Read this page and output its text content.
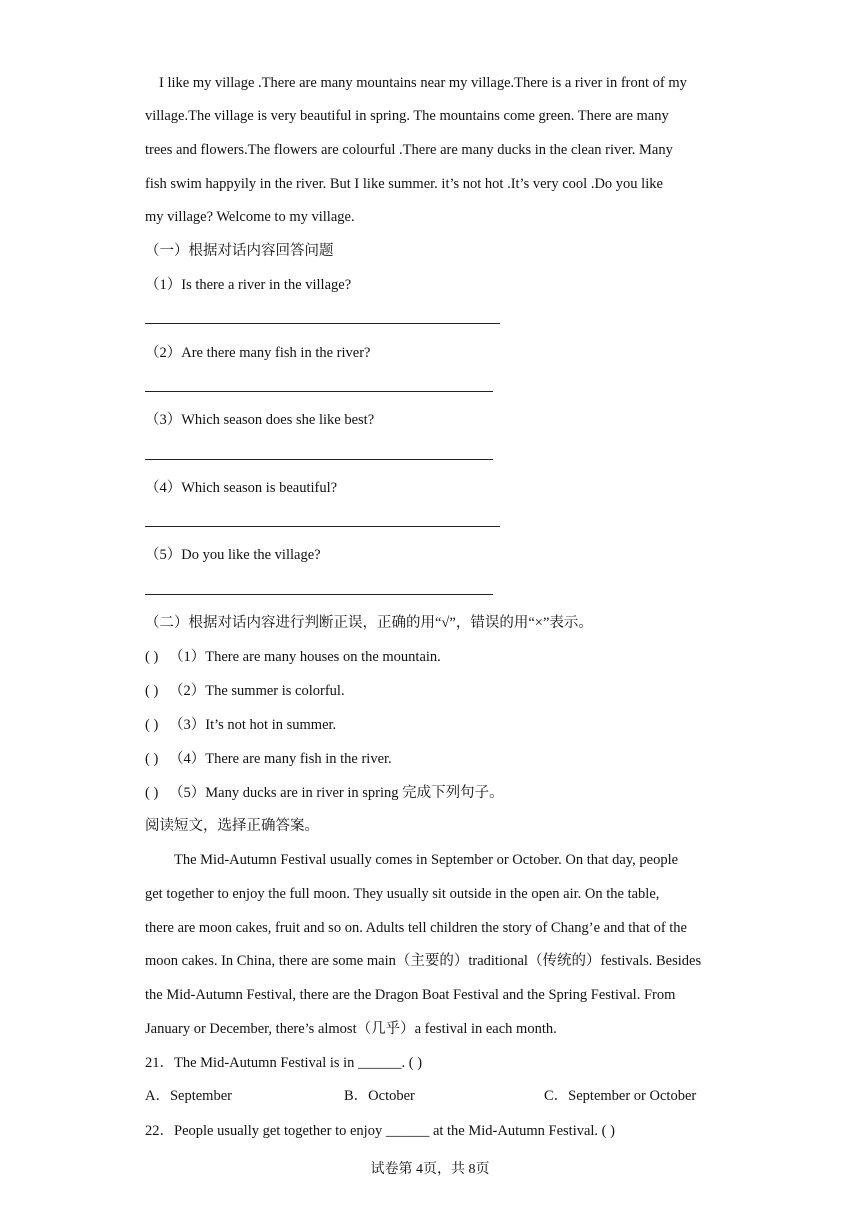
I like my village .There are many mountains near my village.There is a river in front of my
village.The village is very beautiful in spring. The mountains come green. There are many
trees and flowers.The flowers are colourful .There are many ducks in the clean river. Many
fish swim happyily in the river. But I like summer. it’s not hot .It’s very cool .Do you like
my village? Welcome to my village.
（一）根据对话内容回答问题
（1）Is there a river in the village?
（2）Are there many fish in the river?
（3）Which season does she like best?
（4）Which season is beautiful?
（5）Do you like the village?
（二）根据对话内容进行判断正误，正确的用“√”，错误的用“×”表示。
( ) （1）There are many houses on the mountain.
( ) （2）The summer is colorful.
( ) （3）It’s not hot in summer.
( ) （4）There are many fish in the river.
( ) （5）Many ducks are in river in spring 完成下列句子。
阅读短文，选择正确答案。
The Mid-Autumn Festival usually comes in September or October. On that day, people
get together to enjoy the full moon. They usually sit outside in the open air. On the table,
there are moon cakes, fruit and so on. Adults tell children the story of Chang’e and that of the
moon cakes. In China, there are some main（主要的）traditional（传统的）festivals. Besides
the Mid-Autumn Festival, there are the Dragon Boat Festival and the Spring Festival. From
January or December, there’s almost（几乎）a festival in each month.
21．The Mid-Autumn Festival is in ______. ( )
A．September	B．October	C．September or October
22．People usually get together to enjoy ______ at the Mid-Autumn Festival. ( )
试卷第 4页，共 8页
